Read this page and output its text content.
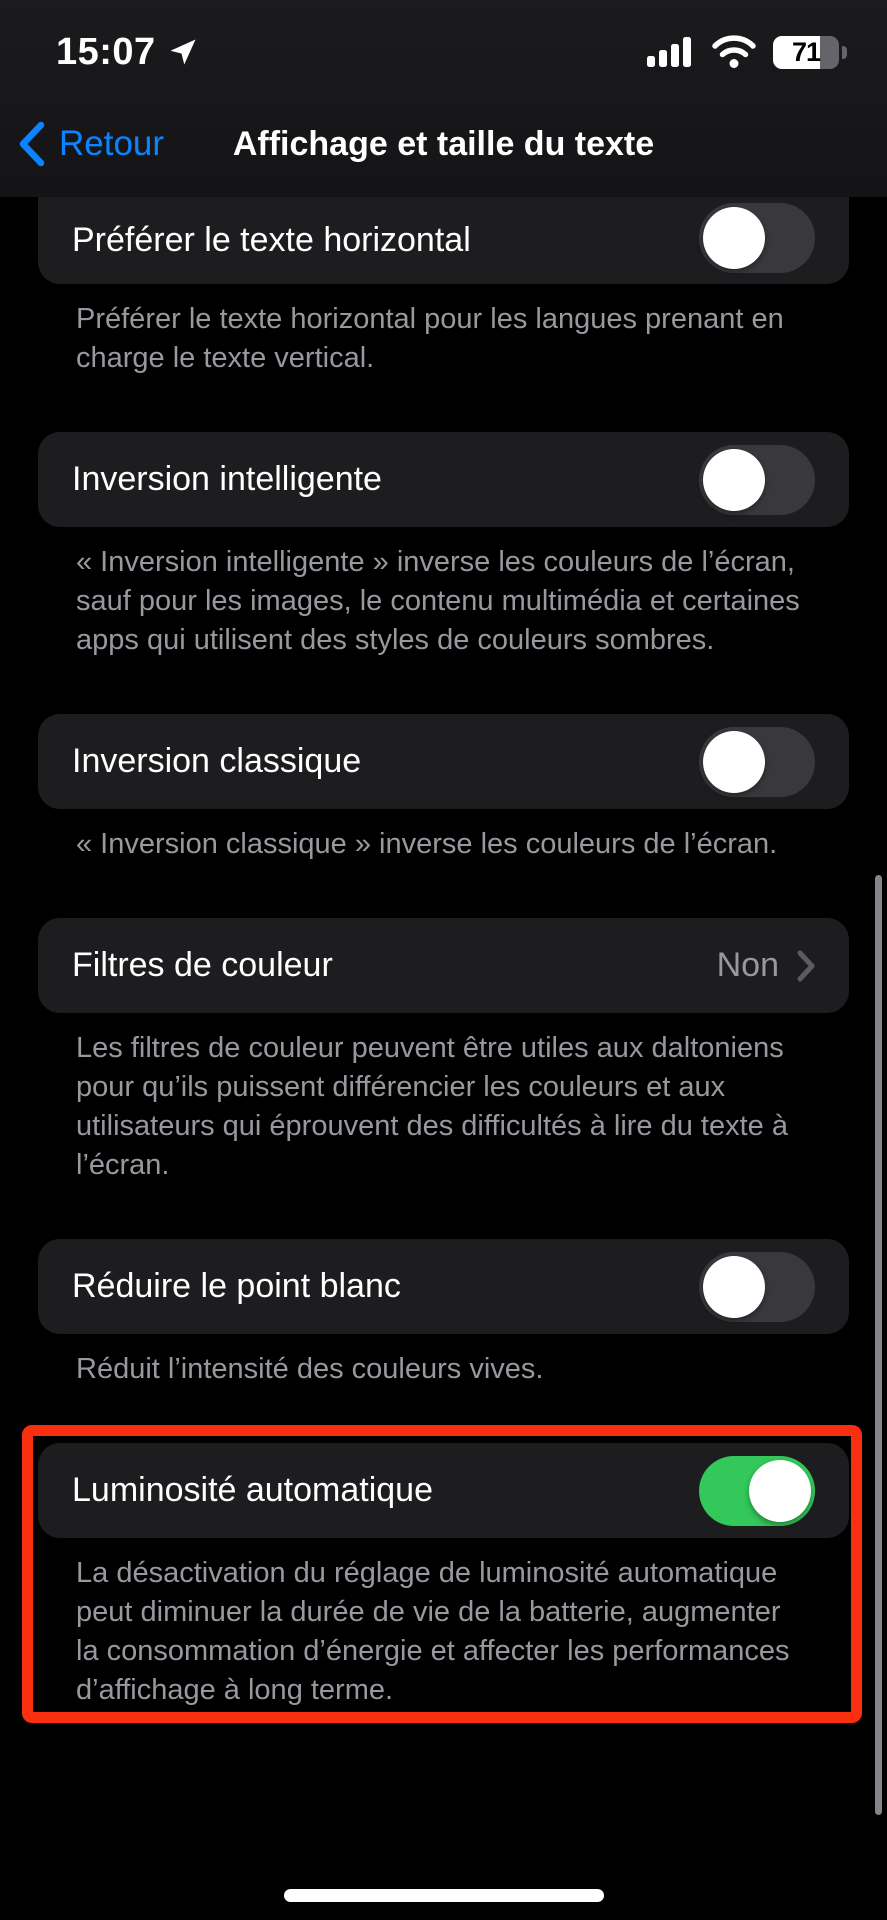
15:07	71
Retour Affichage et taille du texte
Préférer le texte horizontal
Préférer le texte horizontal pour les langues prenant en charge le texte vertical.
Inversion intelligente
« Inversion intelligente » inverse les couleurs de l’écran, sauf pour les images, le contenu multimédia et certaines apps qui utilisent des styles de couleurs sombres.
Inversion classique
« Inversion classique » inverse les couleurs de l’écran.
Filtres de couleur	Non
Les filtres de couleur peuvent être utiles aux daltoniens pour qu’ils puissent différencier les couleurs et aux utilisateurs qui éprouvent des difficultés à lire du texte à l’écran.
Réduire le point blanc
Réduit l’intensité des couleurs vives.
Luminosité automatique
La désactivation du réglage de luminosité automatique peut diminuer la durée de vie de la batterie, augmenter la consommation d’énergie et affecter les performances d’affichage à long terme.
